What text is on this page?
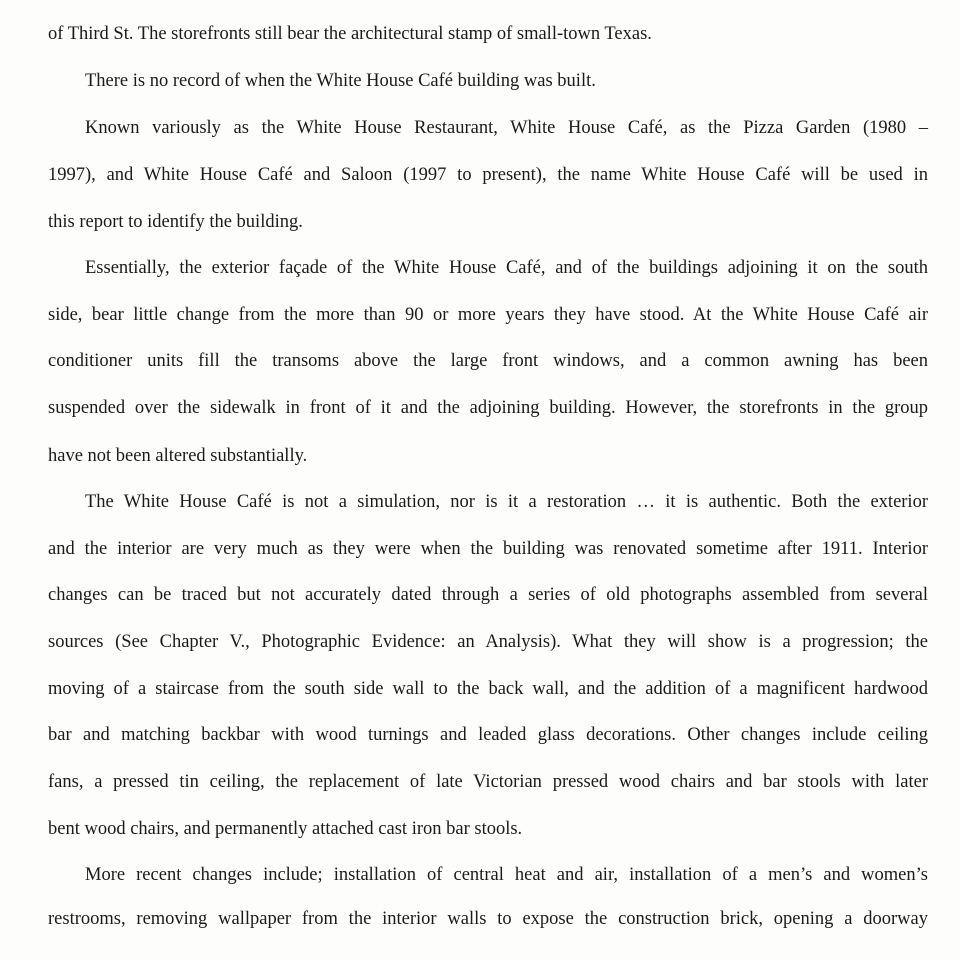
of Third St. The storefronts still bear the architectural stamp of small-town Texas.
There is no record of when the White House Café building was built.
Known variously as the White House Restaurant, White House Café, as the Pizza Garden (1980 –
1997), and White House Café and Saloon (1997 to present), the name White House Café will be used in
this report to identify the building.
Essentially, the exterior façade of the White House Café, and of the buildings adjoining it on the south
side, bear little change from the more than 90 or more years they have stood. At the White House Café air
conditioner units fill the transoms above the large front windows, and a common awning has been
suspended over the sidewalk in front of it and the adjoining building. However, the storefronts in the group
have not been altered substantially.
The White House Café is not a simulation, nor is it a restoration … it is authentic. Both the exterior
and the interior are very much as they were when the building was renovated sometime after 1911. Interior
changes can be traced but not accurately dated through a series of old photographs assembled from several
sources (See Chapter V., Photographic Evidence: an Analysis). What they will show is a progression; the
moving of a staircase from the south side wall to the back wall, and the addition of a magnificent hardwood
bar and matching backbar with wood turnings and leaded glass decorations. Other changes include ceiling
fans, a pressed tin ceiling, the replacement of late Victorian pressed wood chairs and bar stools with later
bent wood chairs, and permanently attached cast iron bar stools.
More recent changes include; installation of central heat and air, installation of a men’s and women’s
restrooms, removing wallpaper from the interior walls to expose the construction brick, opening a doorway
